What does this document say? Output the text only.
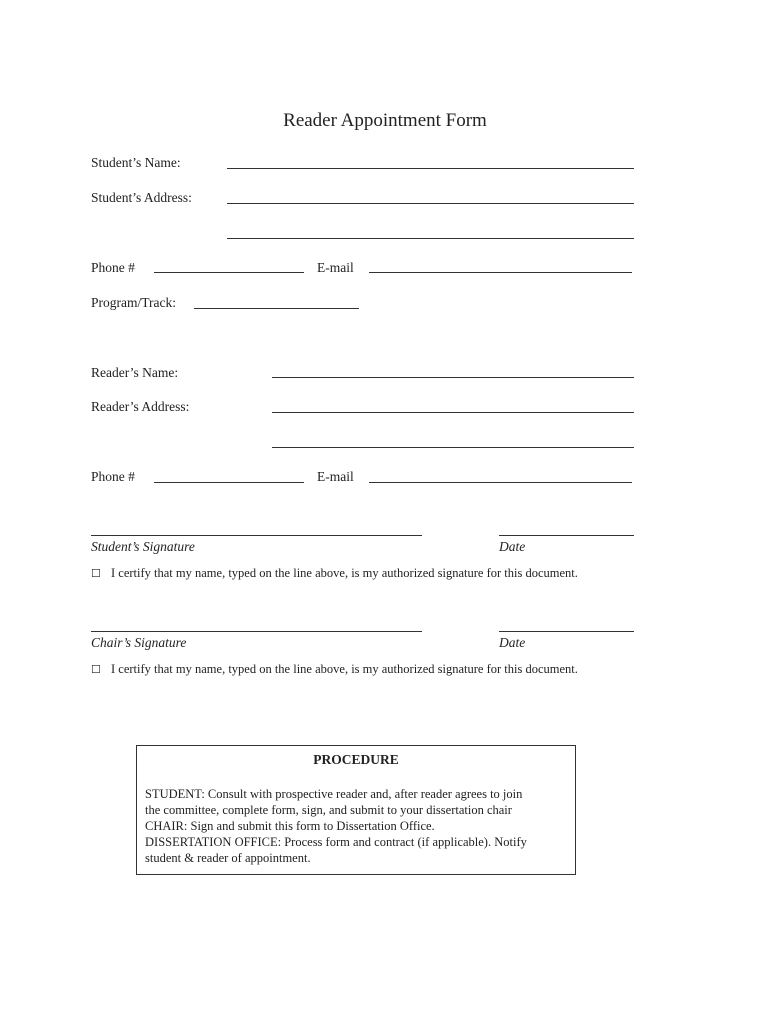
Reader Appointment Form
Student’s Name:
Student’s Address:
Phone #	E-mail
Program/Track:
Reader’s Name:
Reader’s Address:
Phone #	E-mail
Student’s Signature	Date
☐ I certify that my name, typed on the line above, is my authorized signature for this document.
Chair’s Signature	Date
☐ I certify that my name, typed on the line above, is my authorized signature for this document.
PROCEDURE
STUDENT: Consult with prospective reader and, after reader agrees to join
the committee, complete form, sign, and submit to your dissertation chair
CHAIR: Sign and submit this form to Dissertation Office.
DISSERTATION OFFICE: Process form and contract (if applicable). Notify
student & reader of appointment.
